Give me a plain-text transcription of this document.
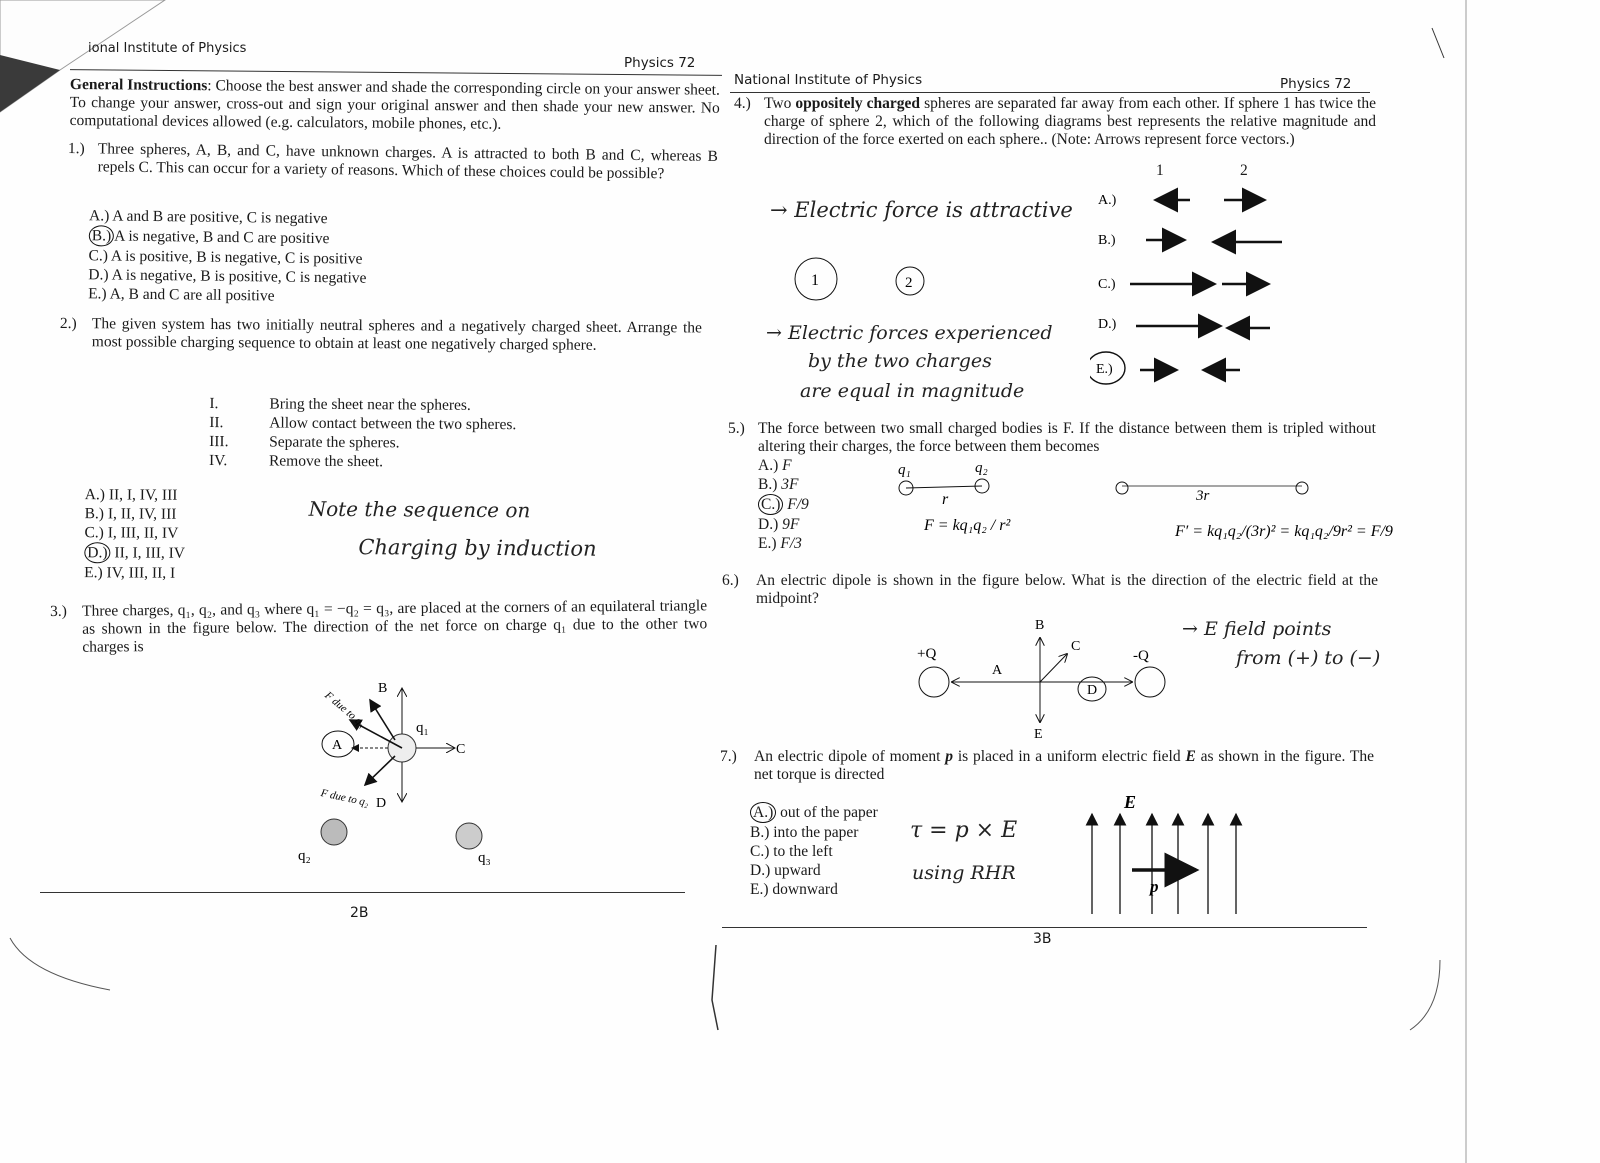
ional Institute of Physics
Physics 72
General Instructions: Choose the best answer and shade the corresponding circle on your answer sheet. To change your answer, cross-out and sign your original answer and then shade your new answer. No computational devices allowed (e.g. calculators, mobile phones, etc.).
1.) Three spheres, A, B, and C, have unknown charges. A is attracted to both B and C, whereas B repels C. This can occur for a variety of reasons. Which of these choices could be possible?
A.) A and B are positive, C is negative
B.) A is negative, B and C are positive
C.) A is positive, B is negative, C is positive
D.) A is negative, B is positive, C is negative
E.) A, B and C are all positive
2.) The given system has two initially neutral spheres and a negatively charged sheet. Arrange the most possible charging sequence to obtain at least one negatively charged sphere.
I.	Bring the sheet near the spheres.
II.	Allow contact between the two spheres.
III.	Separate the spheres.
IV.	Remove the sheet.
A.) II, I, IV, III
B.) I, II, IV, III
C.) I, III, II, IV
D.) II, I, III, IV
E.) IV, III, II, I
Note the sequence on
Charging by induction
3.) Three charges, q₁, q₂, and q₃ where q₁ = −q₂ = q₃, are placed at the corners of an equilateral triangle as shown in the figure below. The direction of the net force on charge q₁ due to the other two charges is
A
B
C
D
q₁
q₂	q₃
F due to q₃
F due to q₂
2B
National Institute of Physics	Physics 72
4.) Two oppositely charged spheres are separated far away from each other. If sphere 1 has twice the charge of sphere 2, which of the following diagrams best represents the relative magnitude and direction of the force exerted on each sphere.. (Note: Arrows represent force vectors.)
1	2
A.)
B.)
C.)
D.)
E.)
→ Electric force is attractive
1	2
→ Electric forces experienced
by the two charges
are equal in magnitude
5.) The force between two small charged bodies is F. If the distance between them is tripled without altering their charges, the force between them becomes
A.) F
B.) 3F
C.) F/9
D.) 9F
E.) F/3
q₁	q₂
r
F = kq₁q₂ / r²
3r
F′ = kq₁q₂/(3r)² = kq₁q₂/9r² = F/9
6.) An electric dipole is shown in the figure below. What is the direction of the electric field at the midpoint?
+Q	-Q
A
B
C
D
E
→ E field points
from (+) to (−)
7.) An electric dipole of moment p is placed in a uniform electric field E as shown in the figure. The net torque is directed
A.) out of the paper
B.) into the paper
C.) to the left
D.) upward
E.) downward
τ = p × E
using RHR
E
p
3B
